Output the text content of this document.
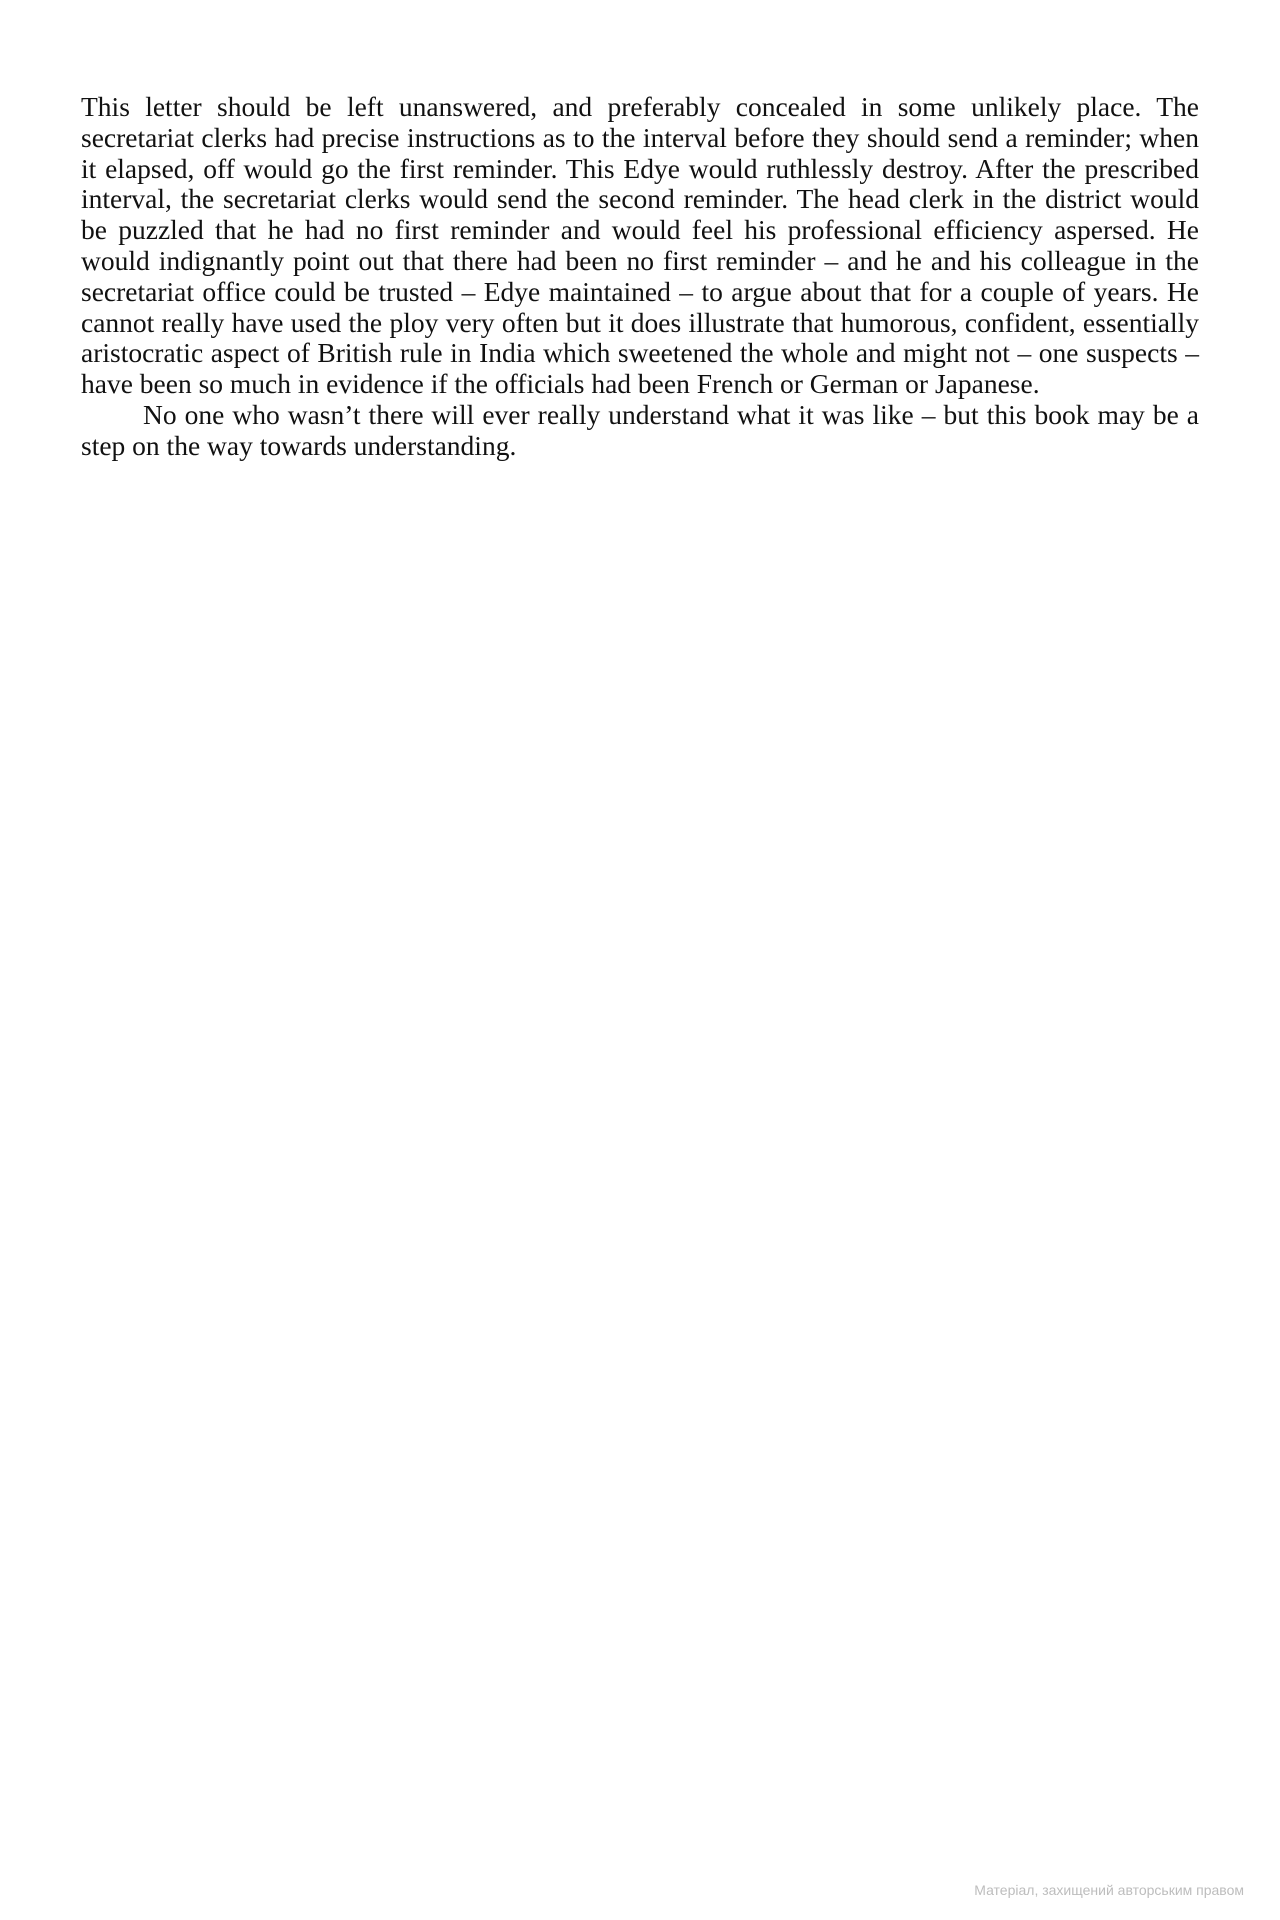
This letter should be left unanswered, and preferably concealed in some unlikely place. The secretariat clerks had precise instructions as to the interval before they should send a reminder; when it elapsed, off would go the first reminder. This Edye would ruthlessly destroy. After the prescribed interval, the secretariat clerks would send the second reminder. The head clerk in the district would be puzzled that he had no first reminder and would feel his professional efficiency aspersed. He would indignantly point out that there had been no first reminder – and he and his colleague in the secretariat office could be trusted – Edye maintained – to argue about that for a couple of years. He cannot really have used the ploy very often but it does illustrate that humorous, confident, essentially aristocratic aspect of British rule in India which sweetened the whole and might not – one suspects – have been so much in evidence if the officials had been French or German or Japanese.

No one who wasn’t there will ever really understand what it was like – but this book may be a step on the way towards understanding.

Матеріал, захищений авторським правом
